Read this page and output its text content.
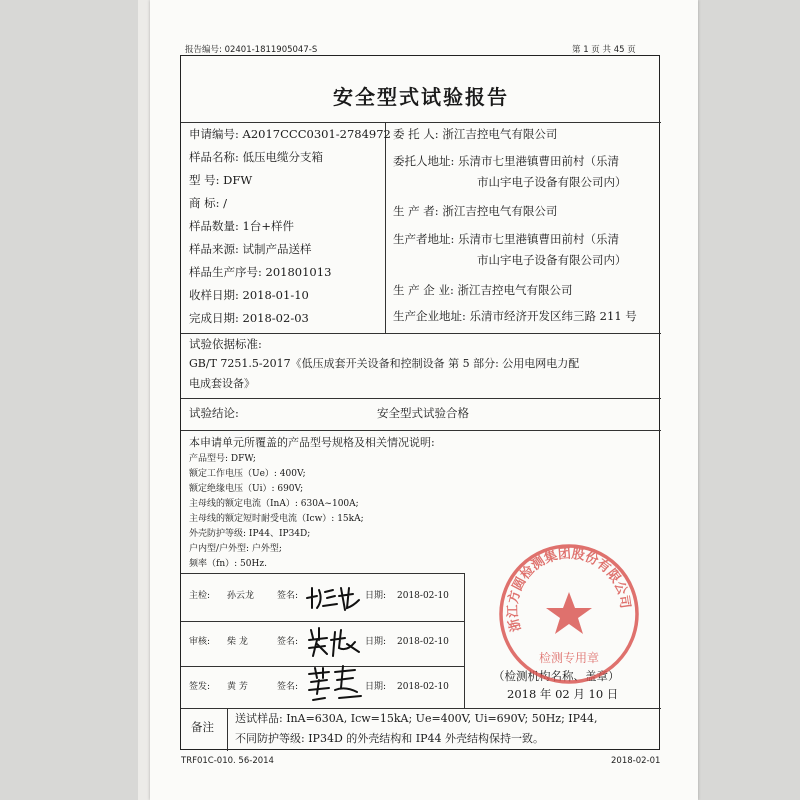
报告编号: 02401-1811905047-S	第 1 页 共 45 页
安全型式试验报告
申请编号: A2017CCC0301-2784972
样品名称: 低压电缆分支箱
型 号: DFW
商 标: /
样品数量: 1台+样件
样品来源: 试制产品送样
样品生产序号: 201801013
收样日期: 2018-01-10
完成日期: 2018-02-03
委 托 人: 浙江吉控电气有限公司
委托人地址: 乐清市七里港镇曹田前村（乐清
市山宇电子设备有限公司内）
生 产 者: 浙江吉控电气有限公司
生产者地址: 乐清市七里港镇曹田前村（乐清
市山宇电子设备有限公司内）
生 产 企 业: 浙江吉控电气有限公司
生产企业地址: 乐清市经济开发区纬三路 211 号
试验依据标准:
GB/T 7251.5-2017《低压成套开关设备和控制设备 第 5 部分: 公用电网电力配
电成套设备》
试验结论:	安全型式试验合格
本申请单元所覆盖的产品型号规格及相关情况说明:
产品型号: DFW;
额定工作电压（Ue）: 400V;
额定绝缘电压（Ui）: 690V;
主母线的额定电流（InA）: 630A~100A;
主母线的额定短时耐受电流（Icw）: 15kA;
外壳防护等级: IP44、IP34D;
户内型/户外型: 户外型;
频率（fn）: 50Hz.
主检: 孙云龙	签名:	日期: 2018-02-10
审核: 柴 龙	签名:	日期: 2018-02-10
签发: 黄 芳	签名:	日期: 2018-02-10
（检测机构名称、盖章）
2018 年 02 月 10 日
备注
送试样品: InA=630A, Icw=15kA; Ue=400V, Ui=690V; 50Hz; IP44,
不同防护等级: IP34D 的外壳结构和 IP44 外壳结构保持一致。
浙江方圆检测集团股份有限公司
检测专用章
TRF01C-010. 56-2014	2018-02-01
